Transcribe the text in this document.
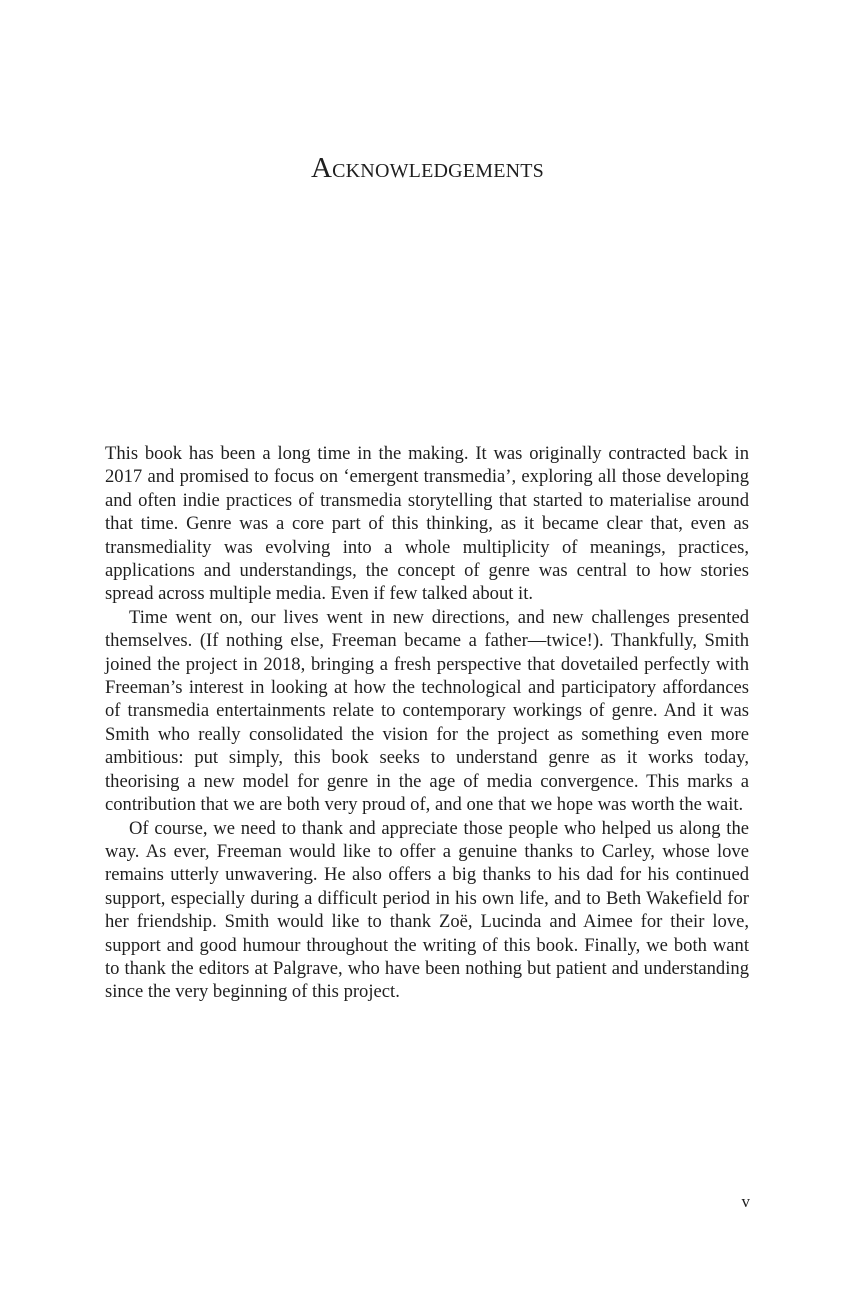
Acknowledgements

This book has been a long time in the making. It was originally contracted back in 2017 and promised to focus on ‘emergent transmedia’, exploring all those developing and often indie practices of transmedia storytelling that started to materialise around that time. Genre was a core part of this thinking, as it became clear that, even as transmediality was evolving into a whole multiplicity of meanings, practices, applications and understandings, the concept of genre was central to how stories spread across multiple media. Even if few talked about it.

Time went on, our lives went in new directions, and new challenges presented themselves. (If nothing else, Freeman became a father—twice!). Thankfully, Smith joined the project in 2018, bringing a fresh perspective that dovetailed perfectly with Freeman’s interest in looking at how the technological and participatory affordances of transmedia entertainments relate to contemporary workings of genre. And it was Smith who really consolidated the vision for the project as something even more ambitious: put simply, this book seeks to understand genre as it works today, theorising a new model for genre in the age of media convergence. This marks a contribution that we are both very proud of, and one that we hope was worth the wait.

Of course, we need to thank and appreciate those people who helped us along the way. As ever, Freeman would like to offer a genuine thanks to Carley, whose love remains utterly unwavering. He also offers a big thanks to his dad for his continued support, especially during a difficult period in his own life, and to Beth Wakefield for her friendship. Smith would like to thank Zoë, Lucinda and Aimee for their love, support and good humour throughout the writing of this book. Finally, we both want to thank the editors at Palgrave, who have been nothing but patient and understanding since the very beginning of this project.

v
